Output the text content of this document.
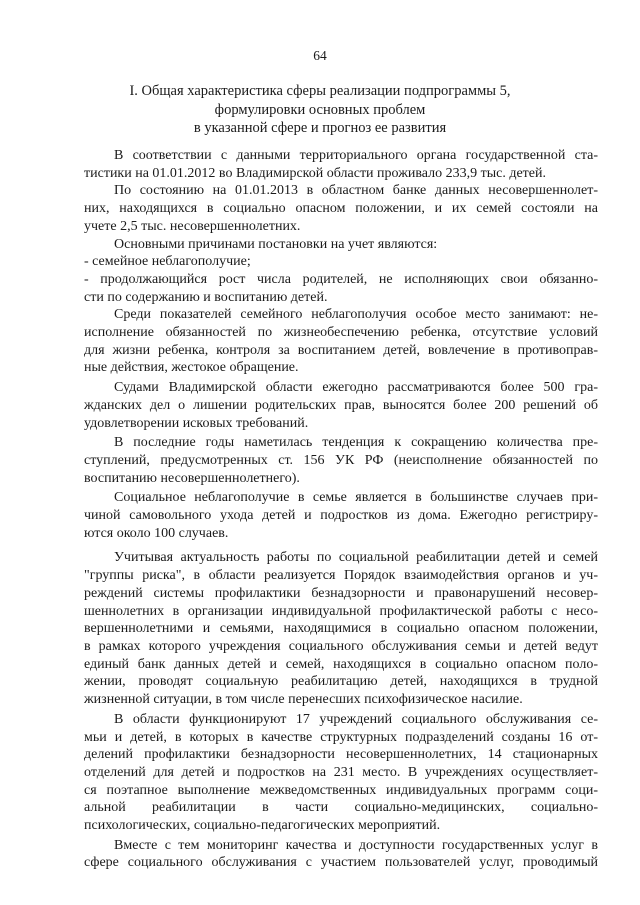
64
I. Общая характеристика сферы реализации подпрограммы 5,
формулировки основных проблем
в указанной сфере и прогноз ее развития
В соответствии с данными территориального органа государственной ста-
тистики на 01.01.2012 во Владимирской области проживало 233,9 тыс. детей.
По состоянию на 01.01.2013 в областном банке данных несовершеннолет-
них, находящихся в социально опасном положении, и их семей состояли на
учете 2,5 тыс. несовершеннолетних.
Основными причинами постановки на учет являются:
- семейное неблагополучие;
- продолжающийся рост числа родителей, не исполняющих свои обязанно-
сти по содержанию и воспитанию детей.
Среди показателей семейного неблагополучия особое место занимают: не-
исполнение обязанностей по жизнеобеспечению ребенка, отсутствие условий
для жизни ребенка, контроля за воспитанием детей, вовлечение в противоправ-
ные действия, жестокое обращение.
Судами Владимирской области ежегодно рассматриваются более 500 гра-
жданских дел о лишении родительских прав, выносятся более 200 решений об
удовлетворении исковых требований.
В последние годы наметилась тенденция к сокращению количества пре-
ступлений, предусмотренных ст. 156 УК РФ (неисполнение обязанностей по
воспитанию несовершеннолетнего).
Социальное неблагополучие в семье является в большинстве случаев при-
чиной самовольного ухода детей и подростков из дома. Ежегодно регистриру-
ются около 100 случаев.
Учитывая актуальность работы по социальной реабилитации детей и семей
"группы риска", в области реализуется Порядок взаимодействия органов и уч-
реждений системы профилактики безнадзорности и правонарушений несовер-
шеннолетних в организации индивидуальной профилактической работы с несо-
вершеннолетними и семьями, находящимися в социально опасном положении,
в рамках которого учреждения социального обслуживания семьи и детей ведут
единый банк данных детей и семей, находящихся в социально опасном поло-
жении, проводят социальную реабилитацию детей, находящихся в трудной
жизненной ситуации, в том числе перенесших психофизическое насилие.
В области функционируют 17 учреждений социального обслуживания се-
мьи и детей, в которых в качестве структурных подразделений созданы 16 от-
делений профилактики безнадзорности несовершеннолетних, 14 стационарных
отделений для детей и подростков на 231 место. В учреждениях осуществляет-
ся поэтапное выполнение межведомственных индивидуальных программ соци-
альной реабилитации в части социально-медицинских, социально-
психологических, социально-педагогических мероприятий.
Вместе с тем мониторинг качества и доступности государственных услуг в
сфере социального обслуживания с участием пользователей услуг, проводимый
